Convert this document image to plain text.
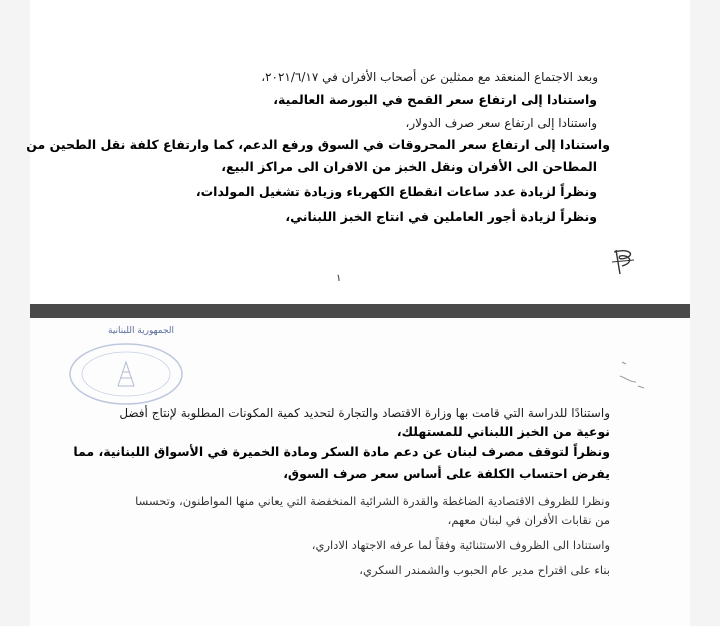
وبعد الاجتماع المنعقد مع ممثلين عن أصحاب الأفران في ٢٠٢١/٦/١٧،
واستنادا إلى ارتفاع سعر القمح في البورصة العالمية،
واستنادا إلى ارتفاع سعر صرف الدولار،
واستنادا إلى ارتفاع سعر المحروقات في السوق ورفع الدعم، كما وارتفاع كلفة نقل الطحين من
المطاحن الى الأفران ونقل الخبز من الافران الى مراكز البيع،
ونظراً لزيادة عدد ساعات انقطاع الكهرباء وزيادة تشغيل المولدات،
ونظراً لزيادة أجور العاملين في انتاج الخبز اللبناني،
١
الجمهورية اللبنانية
واستنادًا للدراسة التي قامت بها وزارة الاقتصاد والتجارة لتحديد كمية المكونات المطلوبة لإنتاج أفضل
نوعية من الخبز اللبناني للمستهلك،
ونظراً لتوقف مصرف لبنان عن دعم مادة السكر ومادة الخميرة في الأسواق اللبنانية، مما
يفرض احتساب الكلفة على أساس سعر صرف السوق،
ونظرا للظروف الاقتصادية الضاغطة والقدرة الشرائية المنخفضة التي يعاني منها المواطنون، وتحسسا
من نقابات الأفران في لبنان معهم،
واستنادا الى الظروف الاستثنائية وفقاً لما عرفه الاجتهاد الاداري،
بناء على اقتراح مدير عام الحبوب والشمندر السكري،
